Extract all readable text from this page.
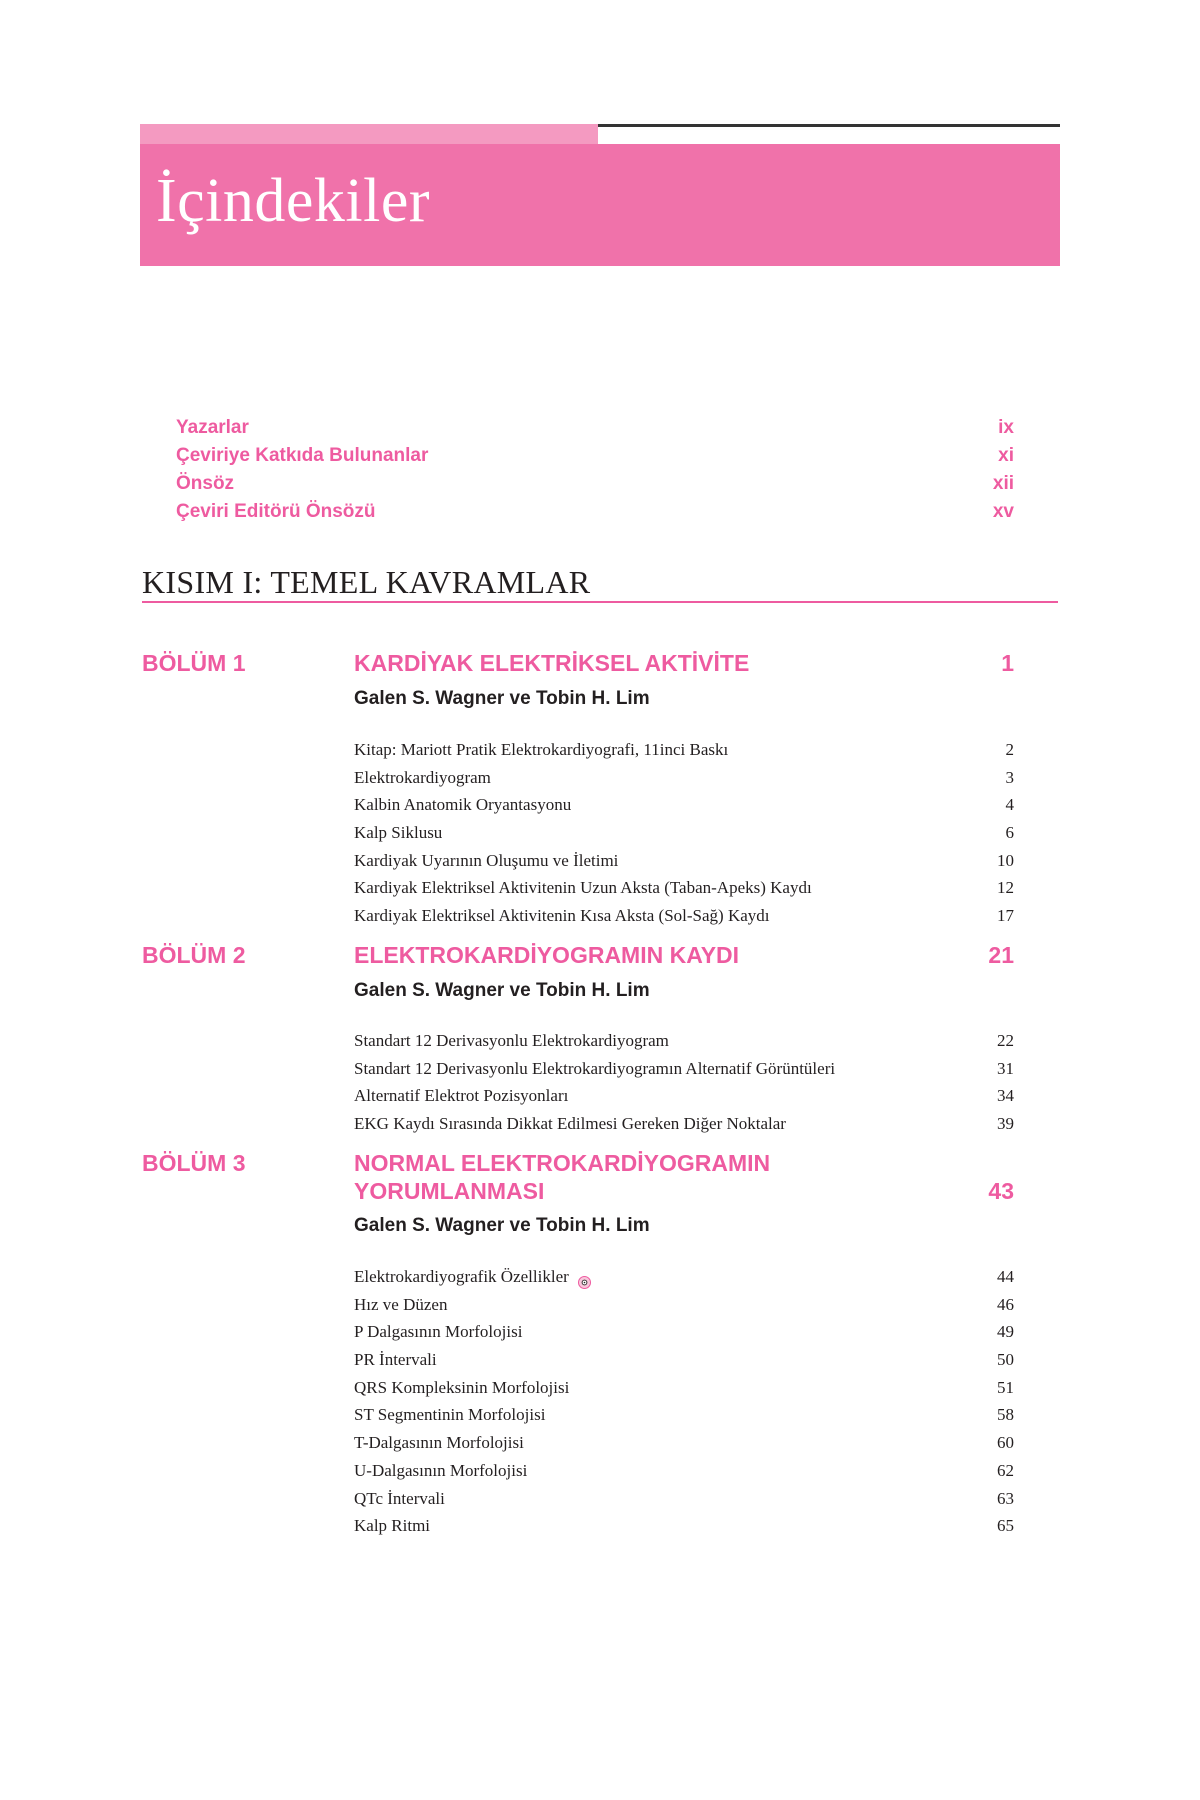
İçindekiler
Yazarlar	ix
Çeviriye Katkıda Bulunanlar	xi
Önsöz	xii
Çeviri Editörü Önsözü	xv
KISIM I: TEMEL KAVRAMLAR
BÖLÜM 1	KARDİYAK ELEKTRİKSEL AKTİVİTE	1
Galen S. Wagner ve Tobin H. Lim
Kitap: Mariott Pratik Elektrokardiyografi, 11inci Baskı	2
Elektrokardiyogram	3
Kalbin Anatomik Oryantasyonu	4
Kalp Siklusu	6
Kardiyak Uyarının Oluşumu ve İletimi	10
Kardiyak Elektriksel Aktivitenin Uzun Aksta (Taban-Apeks) Kaydı	12
Kardiyak Elektriksel Aktivitenin Kısa Aksta (Sol-Sağ) Kaydı	17
BÖLÜM 2	ELEKTROKARDİYOGRAMIN KAYDI	21
Galen S. Wagner ve Tobin H. Lim
Standart 12 Derivasyonlu Elektrokardiyogram	22
Standart 12 Derivasyonlu Elektrokardiyogramın Alternatif Görüntüleri	31
Alternatif Elektrot Pozisyonları	34
EKG Kaydı Sırasında Dikkat Edilmesi Gereken Diğer Noktalar	39
BÖLÜM 3	NORMAL ELEKTROKARDİYOGRAMIN
YORUMLANMASI	43
Galen S. Wagner ve Tobin H. Lim
Elektrokardiyografik Özellikler	44
Hız ve Düzen	46
P Dalgasının Morfolojisi	49
PR İntervali	50
QRS Kompleksinin Morfolojisi	51
ST Segmentinin Morfolojisi	58
T-Dalgasının Morfolojisi	60
U-Dalgasının Morfolojisi	62
QTc İntervali	63
Kalp Ritmi	65
